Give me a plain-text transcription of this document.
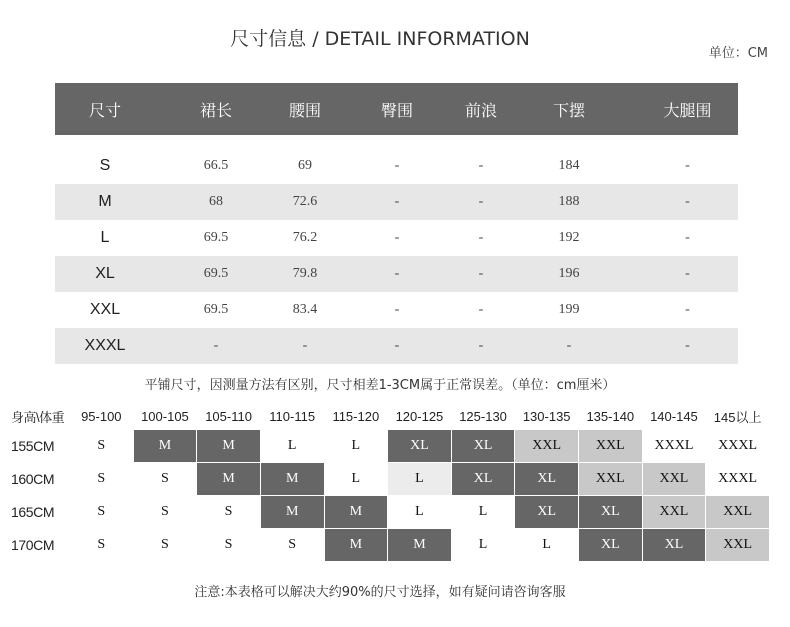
尺寸信息 / DETAIL INFORMATION
单位：CM
尺寸	裙长	腰围	臀围	前浪	下摆	大腿围

S	66.5	69	-	-	184	-
M	68	72.6	-	-	188	-
L	69.5	76.2	-	-	192	-
XL	69.5	79.8	-	-	196	-
XXL	69.5	83.4	-	-	199	-
XXXL	-	-	-	-	-	-
平铺尺寸，因测量方法有区别，尺寸相差1-3CM属于正常误差。（单位：cm厘米）
身高\体重	95-100	100-105	105-110	110-115	115-120	120-125	125-130	130-135	135-140	140-145	145以上
155CM	S	M	M	L	L	XL	XL	XXL	XXL	XXXL	XXXL
160CM	S	S	M	M	L	L	XL	XL	XXL	XXL	XXXL
165CM	S	S	S	M	M	L	L	XL	XL	XXL	XXL
170CM	S	S	S	S	M	M	L	L	XL	XL	XXL
注意:本表格可以解决大约90%的尺寸选择，如有疑问请咨询客服
